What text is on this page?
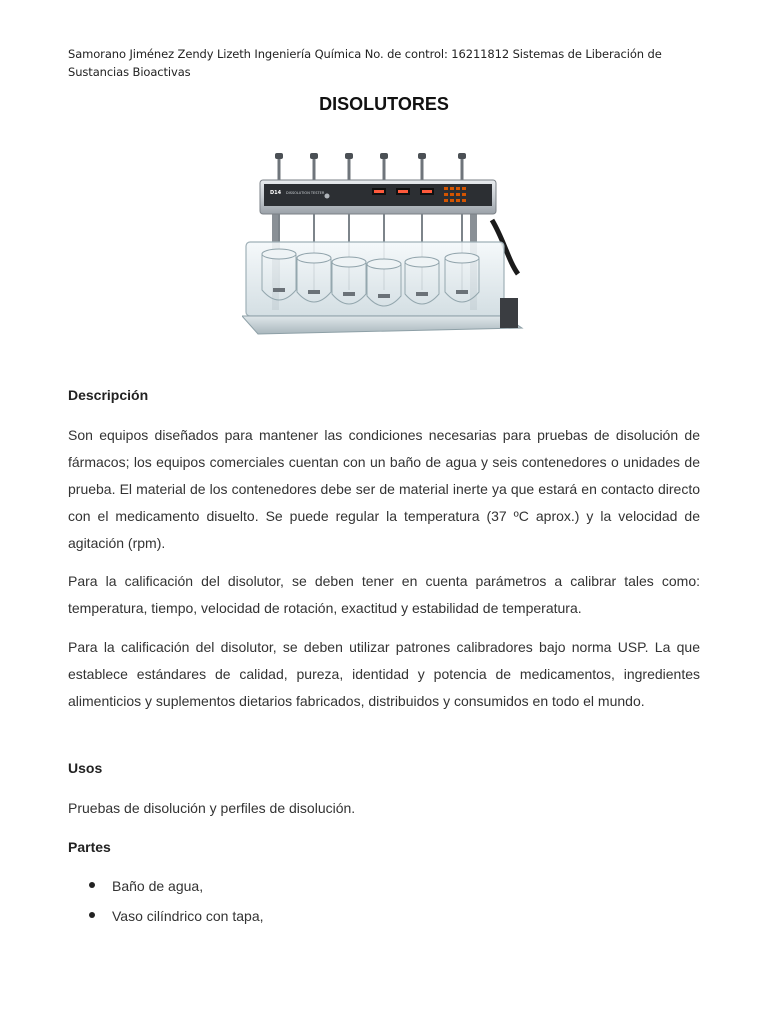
Samorano Jiménez Zendy Lizeth Ingeniería Química No. de control: 16211812 Sistemas de Liberación de Sustancias Bioactivas
DISOLUTORES
D14 DISSOLUTION TESTER
Descripción

Son equipos diseñados para mantener las condiciones necesarias para pruebas de disolución de fármacos; los equipos comerciales cuentan con un baño de agua y seis contenedores o unidades de prueba. El material de los contenedores debe ser de material inerte ya que estará en contacto directo con el medicamento disuelto. Se puede regular la temperatura (37 ºC aprox.) y la velocidad de agitación (rpm).

Para la calificación del disolutor, se deben tener en cuenta parámetros a calibrar tales como: temperatura, tiempo, velocidad de rotación, exactitud y estabilidad de temperatura.

Para la calificación del disolutor, se deben utilizar patrones calibradores bajo norma USP. La que establece estándares de calidad, pureza, identidad y potencia de medicamentos, ingredientes alimenticios y suplementos dietarios fabricados, distribuidos y consumidos en todo el mundo.

Usos

Pruebas de disolución y perfiles de disolución.

Partes
Baño de agua,
Vaso cilíndrico con tapa,
